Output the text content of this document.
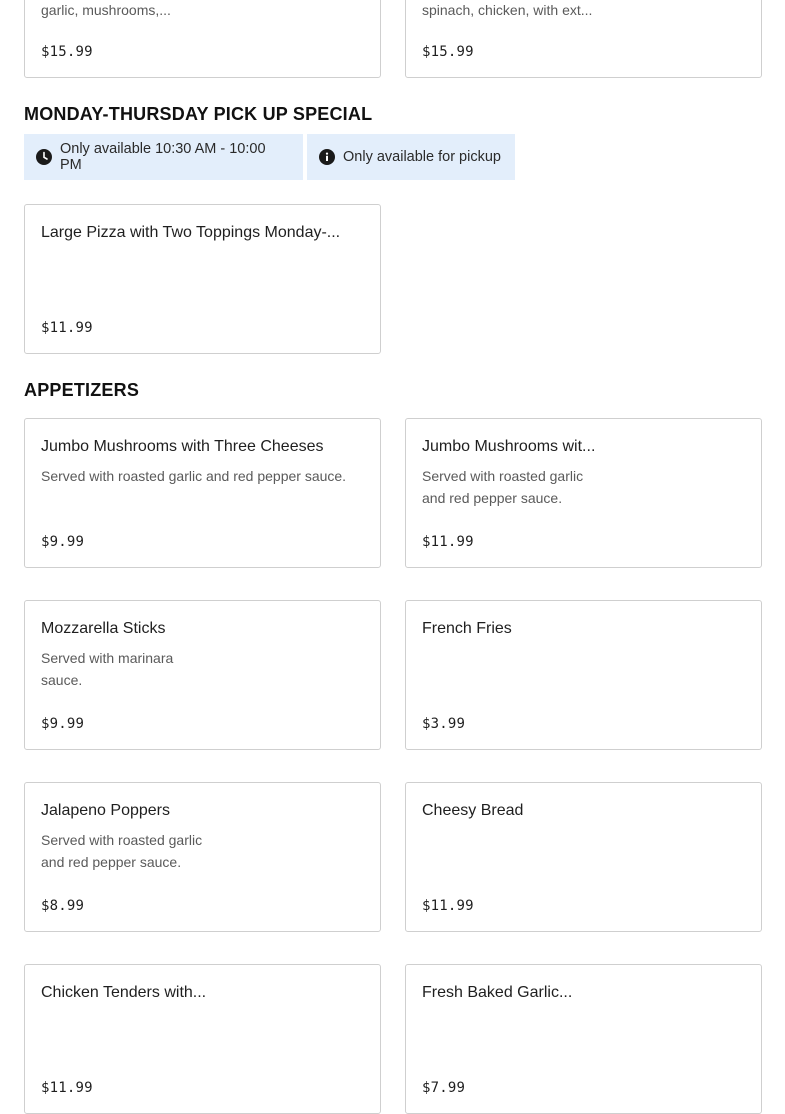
garlic, mushrooms,...
$15.99
spinach, chicken, with ext...
$15.99
MONDAY-THURSDAY PICK UP SPECIAL
Only available 10:30 AM - 10:00 PM	Only available for pickup
Large Pizza with Two Toppings Monday-...
$11.99
APPETIZERS
Jumbo Mushrooms with Three Cheeses
Served with roasted garlic and red pepper sauce.
$9.99
Jumbo Mushrooms wit...
Served with roasted garlic
and red pepper sauce.
$11.99
Mozzarella Sticks
Served with marinara
sauce.
$9.99
French Fries
$3.99
Jalapeno Poppers
Served with roasted garlic
and red pepper sauce.
$8.99
Cheesy Bread
$11.99
Chicken Tenders with...
$11.99
Fresh Baked Garlic...
$7.99
